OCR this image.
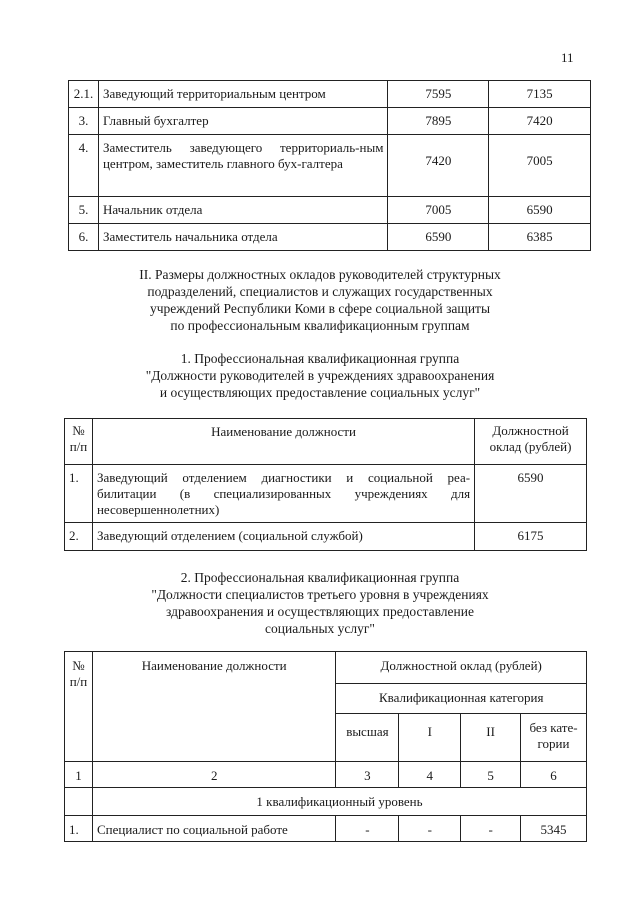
11
2.1.	Заведующий территориальным центром	7595	7135
3.	Главный бухгалтер	7895	7420
4.	Заместитель заведующего территориаль-ным центром, заместитель главного бух-галтера	7420	7005
5.	Начальник отдела	7005	6590
6.	Заместитель начальника отдела	6590	6385
II. Размеры должностных окладов руководителей структурных
подразделений, специалистов и служащих государственных
учреждений Республики Коми в сфере социальной защиты
по профессиональным квалификационным группам
1. Профессиональная квалификационная группа
"Должности руководителей в учреждениях здравоохранения
и осуществляющих предоставление социальных услуг"
№ п/п	Наименование должности	Должностной оклад (рублей)
1.	Заведующий отделением диагностики и социальной реа-билитации (в специализированных учреждениях для несовершеннолетних)	6590
2.	Заведующий отделением (социальной службой)	6175
2. Профессиональная квалификационная группа
"Должности специалистов третьего уровня в учреждениях
здравоохранения и осуществляющих предоставление
социальных услуг"
№ п/п	Наименование должности	Должностной оклад (рублей)			
		Квалификационная категория			
		высшая	I	II	без кате-гории
1	2	3	4	5	6
	1 квалификационный уровень				
1.	Специалист по социальной работе	-	-	-	5345
